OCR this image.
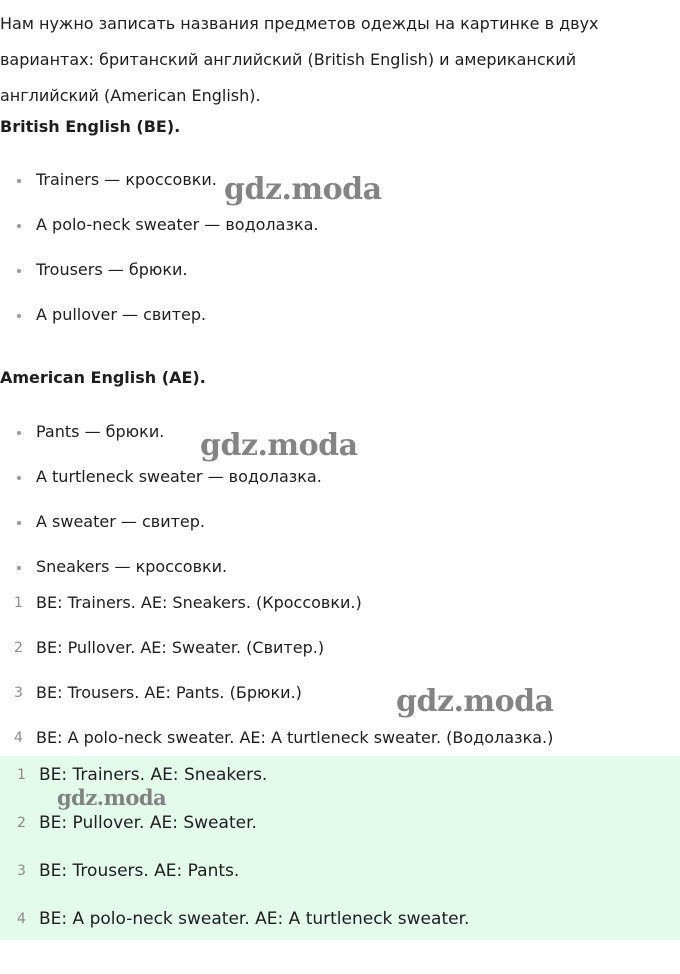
Нам нужно записать названия предметов одежды на картинке в двух вариантах: британский английский (British English) и американский английский (American English).

British English (BE).

Trainers — кроссовки.
A polo-neck sweater — водолазка.
Trousers — брюки.
A pullover — свитер.

American English (AE).

Pants — брюки.
A turtleneck sweater — водолазка.
A sweater — свитер.
Sneakers — кроссовки.
1 BE: Trainers. AE: Sneakers. (Кроссовки.)
2 BE: Pullover. AE: Sweater. (Свитер.)
3 BE: Trousers. AE: Pants. (Брюки.)
4 BE: A polo-neck sweater. AE: A turtleneck sweater. (Водолазка.)
1 BE: Trainers. AE: Sneakers.
2 BE: Pullover. AE: Sweater.
3 BE: Trousers. AE: Pants.
4 BE: A polo-neck sweater. AE: A turtleneck sweater.
gdz.moda
gdz.moda
gdz.moda
gdz.moda
